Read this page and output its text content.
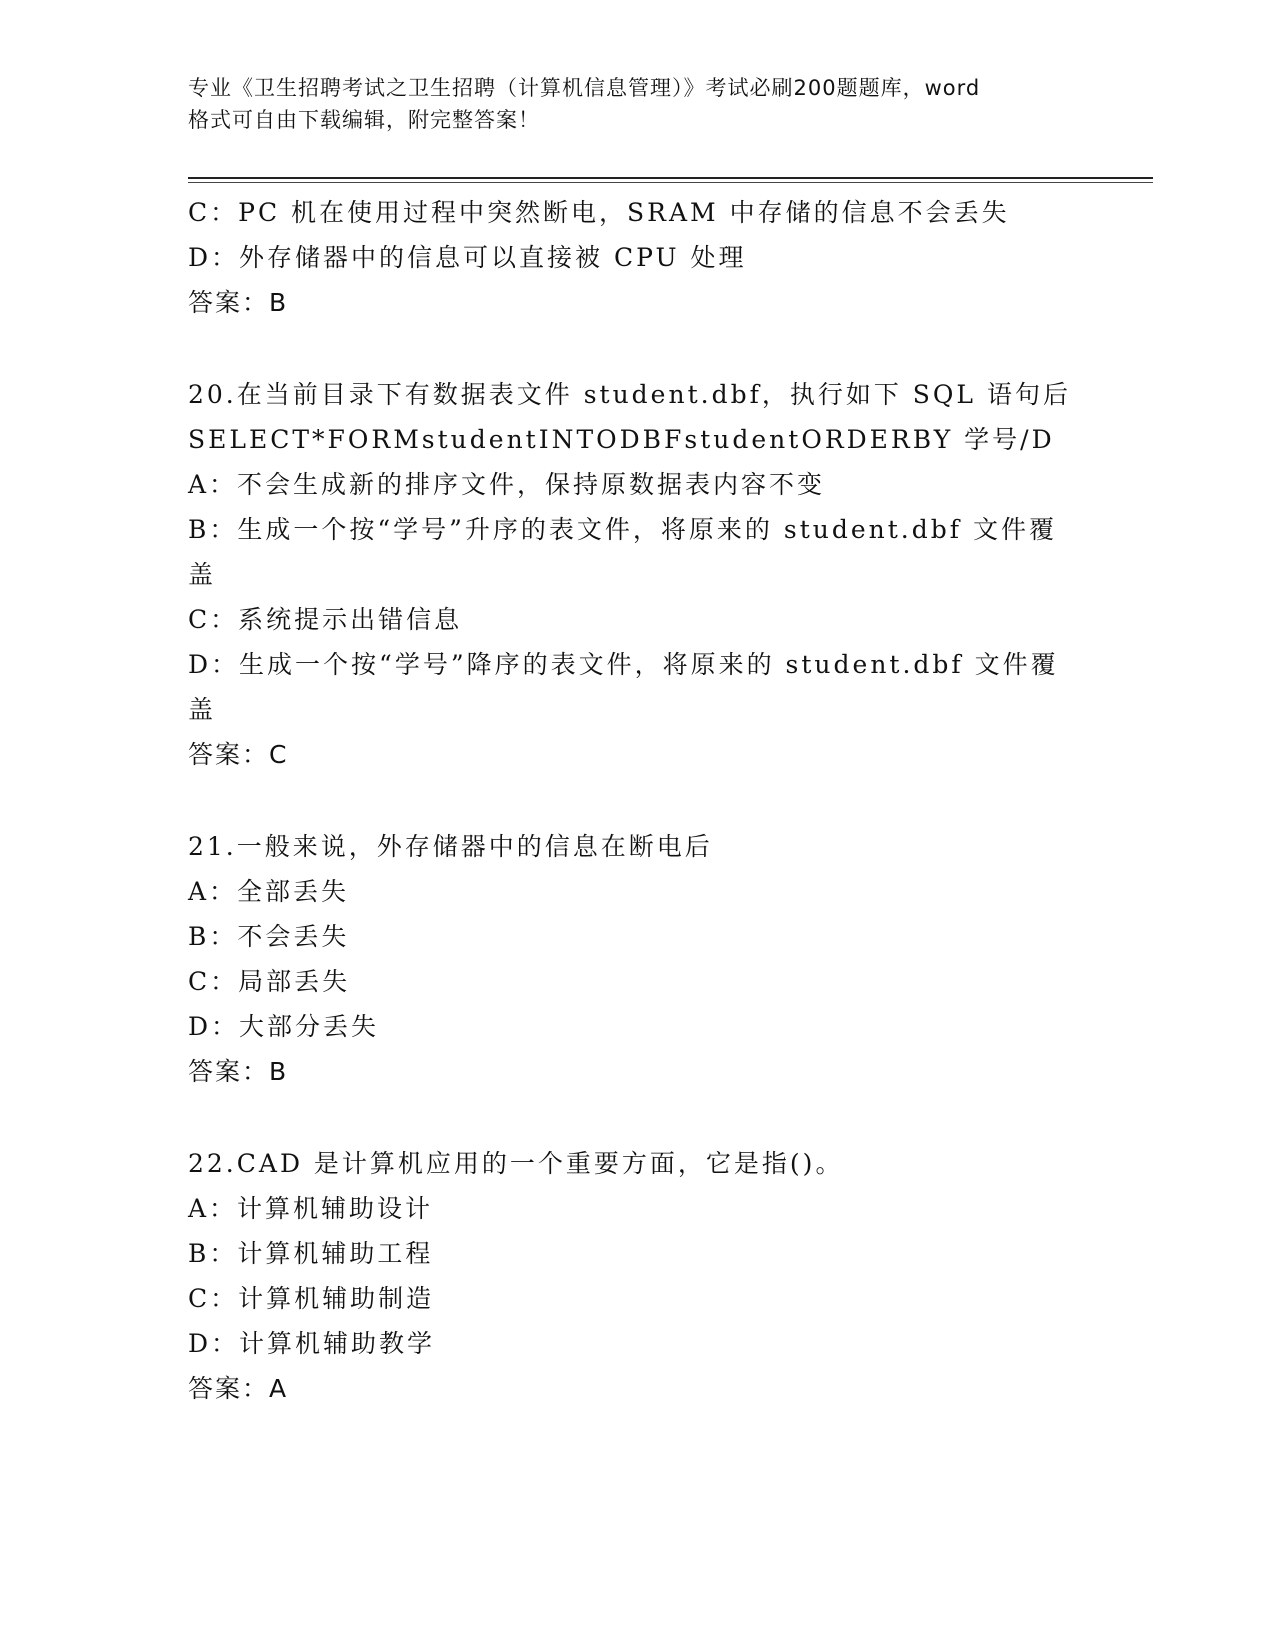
专业《卫生招聘考试之卫生招聘（计算机信息管理）》考试必刷200题题库，word
格式可自由下载编辑，附完整答案！
C：PC 机在使用过程中突然断电，SRAM 中存储的信息不会丢失
D：外存储器中的信息可以直接被 CPU 处理
答案：B
20.在当前目录下有数据表文件 student.dbf，执行如下 SQL 语句后
SELECT*FORMstudentINTODBFstudentORDERBY 学号/D
A：不会生成新的排序文件，保持原数据表内容不变
B：生成一个按“学号”升序的表文件，将原来的 student.dbf 文件覆
盖
C：系统提示出错信息
D：生成一个按“学号”降序的表文件，将原来的 student.dbf 文件覆
盖
答案：C
21.一般来说，外存储器中的信息在断电后
A：全部丢失
B：不会丢失
C：局部丢失
D：大部分丢失
答案：B
22.CAD 是计算机应用的一个重要方面，它是指()。
A：计算机辅助设计
B：计算机辅助工程
C：计算机辅助制造
D：计算机辅助教学
答案：A
